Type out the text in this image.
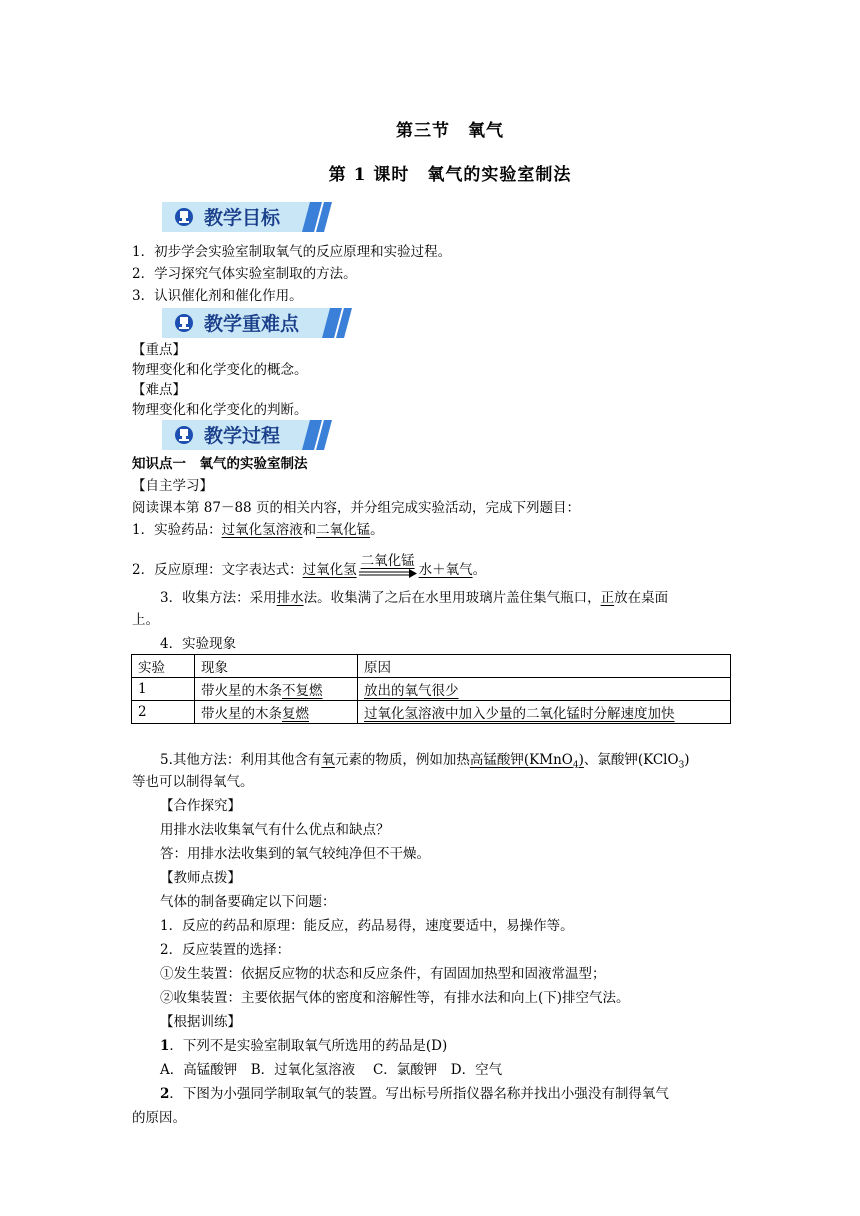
第三节　氧气
第 1 课时　氧气的实验室制法
教学目标
1．初步学会实验室制取氧气的反应原理和实验过程。
2．学习探究气体实验室制取的方法。
3．认识催化剂和催化作用。
教学重难点
【重点】
物理变化和化学变化的概念。
【难点】
物理变化和化学变化的判断。
教学过程
知识点一　氧气的实验室制法
【自主学习】
阅读课本第 87－88 页的相关内容，并分组完成实验活动，完成下列题目：
1．实验药品：过氧化氢溶液和二氧化锰。
2．反应原理：文字表达式：过氧化氢
二氧化锰
水＋氧气。
3．收集方法：采用排水法。收集满了之后在水里用玻璃片盖住集气瓶口，正放在桌面
上。
4．实验现象
实验	现象	原因
1	带火星的木条不复燃	放出的氧气很少
2	带火星的木条复燃	过氧化氢溶液中加入少量的二氧化锰时分解速度加快
5.其他方法：利用其他含有氧元素的物质，例如加热高锰酸钾(KMnO$_4$)、氯酸钾(KClO$_3$)
等也可以制得氧气。
【合作探究】
用排水法收集氧气有什么优点和缺点？
答：用排水法收集到的氧气较纯净但不干燥。
【教师点拨】
气体的制备要确定以下问题：
1．反应的药品和原理：能反应，药品易得，速度要适中，易操作等。
2．反应装置的选择：
①发生装置：依据反应物的状态和反应条件，有固固加热型和固液常温型；
②收集装置：主要依据气体的密度和溶解性等，有排水法和向上(下)排空气法。
【根据训练】
1．下列不是实验室制取氧气所选用的药品是(D)
A．高锰酸钾　B．过氧化氢溶液　 C．氯酸钾　D．空气
2．下图为小强同学制取氧气的装置。写出标号所指仪器名称并找出小强没有制得氧气
的原因。
